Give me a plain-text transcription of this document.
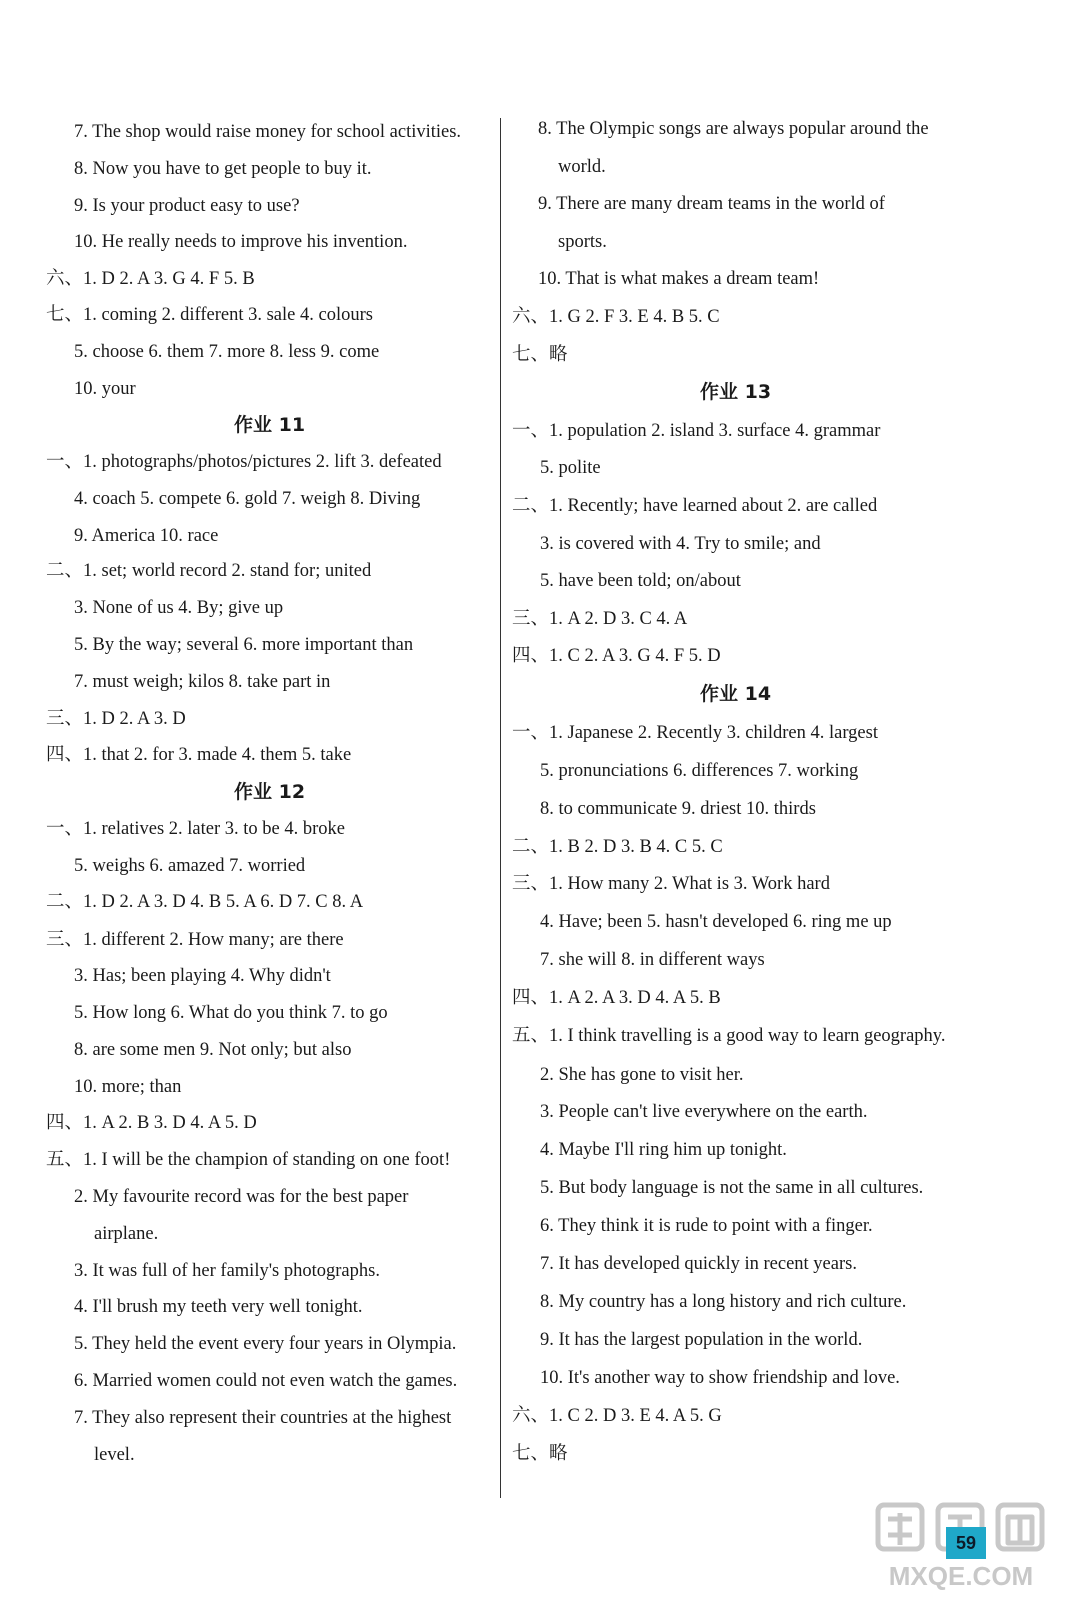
7. The shop would raise money for school activities.
8. Now you have to get people to buy it.
9. Is your product easy to use?
10. He really needs to improve his invention.
六、1. D 2. A 3. G 4. F 5. B
七、1. coming 2. different 3. sale 4. colours
5. choose 6. them 7. more 8. less 9. come
10. your
作业 11
一、1. photographs/photos/pictures 2. lift 3. defeated
4. coach 5. compete 6. gold 7. weigh 8. Diving
9. America 10. race
二、1. set; world record 2. stand for; united
3. None of us 4. By; give up
5. By the way; several 6. more important than
7. must weigh; kilos 8. take part in
三、1. D 2. A 3. D
四、1. that 2. for 3. made 4. them 5. take
作业 12
一、1. relatives 2. later 3. to be 4. broke
5. weighs 6. amazed 7. worried
二、1. D 2. A 3. D 4. B 5. A 6. D 7. C 8. A
三、1. different 2. How many; are there
3. Has; been playing 4. Why didn't
5. How long 6. What do you think 7. to go
8. are some men 9. Not only; but also
10. more; than
四、1. A 2. B 3. D 4. A 5. D
五、1. I will be the champion of standing on one foot!
2. My favourite record was for the best paper
airplane.
3. It was full of her family's photographs.
4. I'll brush my teeth very well tonight.
5. They held the event every four years in Olympia.
6. Married women could not even watch the games.
7. They also represent their countries at the highest
level.
8. The Olympic songs are always popular around the
world.
9. There are many dream teams in the world of
sports.
10. That is what makes a dream team!
六、1. G 2. F 3. E 4. B 5. C
七、略
作业 13
一、1. population 2. island 3. surface 4. grammar
5. polite
二、1. Recently; have learned about 2. are called
3. is covered with 4. Try to smile; and
5. have been told; on/about
三、1. A 2. D 3. C 4. A
四、1. C 2. A 3. G 4. F 5. D
作业 14
一、1. Japanese 2. Recently 3. children 4. largest
5. pronunciations 6. differences 7. working
8. to communicate 9. driest 10. thirds
二、1. B 2. D 3. B 4. C 5. C
三、1. How many 2. What is 3. Work hard
4. Have; been 5. hasn't developed 6. ring me up
7. she will 8. in different ways
四、1. A 2. A 3. D 4. A 5. B
五、1. I think travelling is a good way to learn geography.
2. She has gone to visit her.
3. People can't live everywhere on the earth.
4. Maybe I'll ring him up tonight.
5. But body language is not the same in all cultures.
6. They think it is rude to point with a finger.
7. It has developed quickly in recent years.
8. My country has a long history and rich culture.
9. It has the largest population in the world.
10. It's another way to show friendship and love.
六、1. C 2. D 3. E 4. A 5. G
七、略
MXQE.COM
59
